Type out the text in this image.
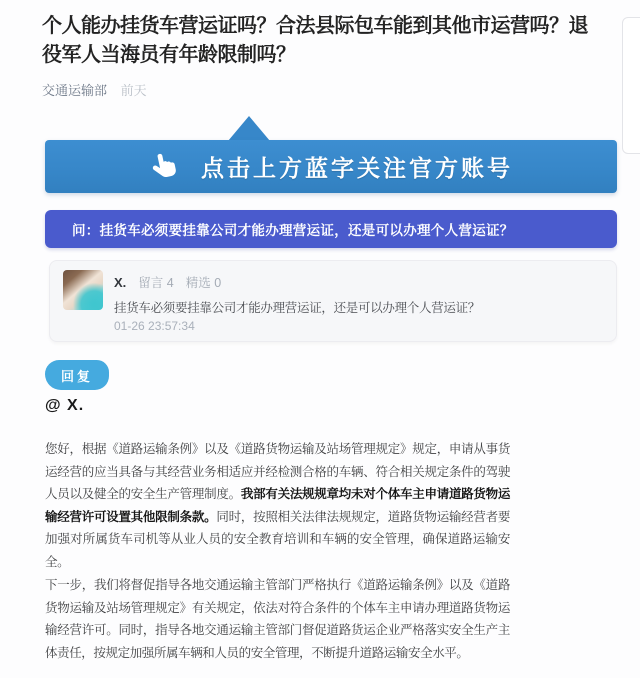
个人能办挂货车营运证吗？合法县际包车能到其他市运营吗？退役军人当海员有年龄限制吗？
交通运输部 前天
点击上方蓝字关注官方账号
问：挂货车必须要挂靠公司才能办理营运证，还是可以办理个人营运证？
X. 留言 4 精选 0
挂货车必须要挂靠公司才能办理营运证，还是可以办理个人营运证？
01-26 23:57:34
回复
@ X.
您好，根据《道路运输条例》以及《道路货物运输及站场管理规定》规定，申请从事货运经营的应当具备与其经营业务相适应并经检测合格的车辆、符合相关规定条件的驾驶人员以及健全的安全生产管理制度。我部有关法规规章均未对个体车主申请道路货物运输经营许可设置其他限制条款。同时，按照相关法律法规规定，道路货物运输经营者要加强对所属货车司机等从业人员的安全教育培训和车辆的安全管理，确保道路运输安全。
下一步，我们将督促指导各地交通运输主管部门严格执行《道路运输条例》以及《道路货物运输及站场管理规定》有关规定，依法对符合条件的个体车主申请办理道路货物运输经营许可。同时，指导各地交通运输主管部门督促道路货运企业严格落实安全生产主体责任，按规定加强所属车辆和人员的安全管理，不断提升道路运输安全水平。
